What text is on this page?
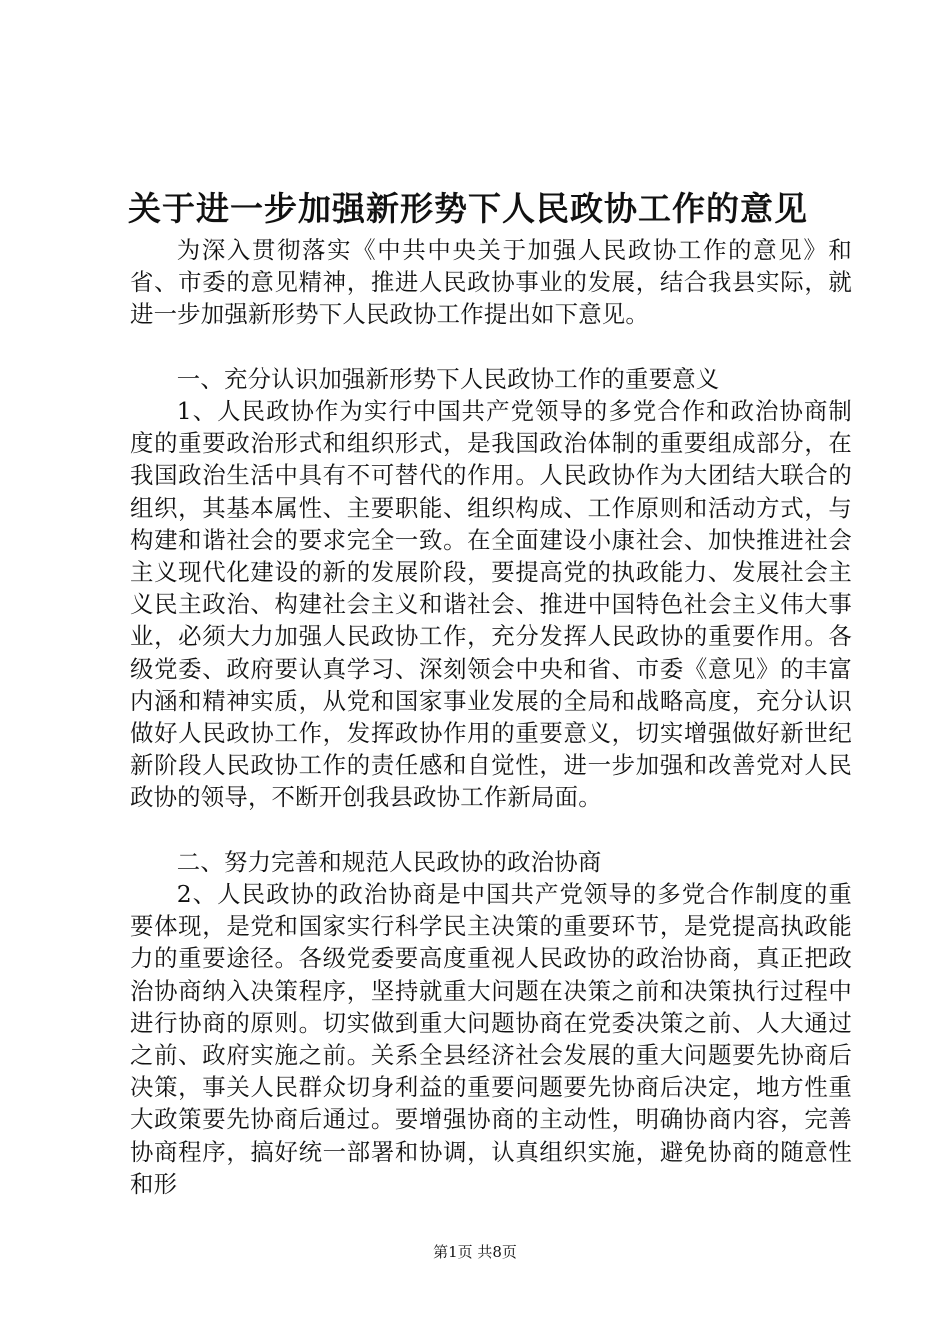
关于进一步加强新形势下人民政协工作的意见

为深入贯彻落实《中共中央关于加强人民政协工作的意见》和省、市委的意见精神，推进人民政协事业的发展，结合我县实际，就进一步加强新形势下人民政协工作提出如下意见。

一、充分认识加强新形势下人民政协工作的重要意义

1、人民政协作为实行中国共产党领导的多党合作和政治协商制度的重要政治形式和组织形式，是我国政治体制的重要组成部分，在我国政治生活中具有不可替代的作用。人民政协作为大团结大联合的组织，其基本属性、主要职能、组织构成、工作原则和活动方式，与构建和谐社会的要求完全一致。在全面建设小康社会、加快推进社会主义现代化建设的新的发展阶段，要提高党的执政能力、发展社会主义民主政治、构建社会主义和谐社会、推进中国特色社会主义伟大事业，必须大力加强人民政协工作，充分发挥人民政协的重要作用。各级党委、政府要认真学习、深刻领会中央和省、市委《意见》的丰富内涵和精神实质，从党和国家事业发展的全局和战略高度，充分认识做好人民政协工作，发挥政协作用的重要意义，切实增强做好新世纪新阶段人民政协工作的责任感和自觉性，进一步加强和改善党对人民政协的领导，不断开创我县政协工作新局面。

二、努力完善和规范人民政协的政治协商

2、人民政协的政治协商是中国共产党领导的多党合作制度的重要体现，是党和国家实行科学民主决策的重要环节，是党提高执政能力的重要途径。各级党委要高度重视人民政协的政治协商，真正把政治协商纳入决策程序，坚持就重大问题在决策之前和决策执行过程中进行协商的原则。切实做到重大问题协商在党委决策之前、人大通过之前、政府实施之前。关系全县经济社会发展的重大问题要先协商后决策，事关人民群众切身利益的重要问题要先协商后决定，地方性重大政策要先协商后通过。要增强协商的主动性，明确协商内容，完善协商程序，搞好统一部署和协调，认真组织实施，避免协商的随意性和形

第1页 共8页
